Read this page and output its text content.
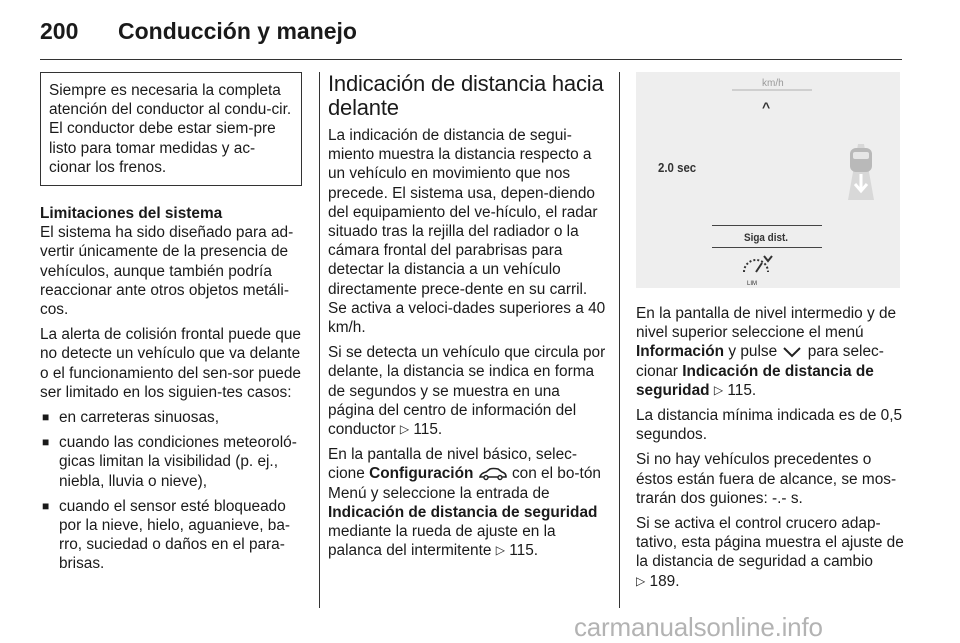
200 Conducción y manejo
Siempre es necesaria la completa atención del conductor al condu-cir. El conductor debe estar siem-pre listo para tomar medidas y ac-cionar los frenos.

Limitaciones del sistema

El sistema ha sido diseñado para ad-vertir únicamente de la presencia de vehículos, aunque también podría reaccionar ante otros objetos metáli-cos.

La alerta de colisión frontal puede que no detecte un vehículo que va delante o el funcionamiento del sen-sor puede ser limitado en los siguien-tes casos:

■ en carreteras sinuosas,
■ cuando las condiciones meteoroló-gicas limitan la visibilidad (p. ej., niebla, lluvia o nieve),
■ cuando el sensor esté bloqueado por la nieve, hielo, aguanieve, ba-rro, suciedad o daños en el para-brisas.
Indicación de distancia hacia delante

La indicación de distancia de segui-miento muestra la distancia respecto a un vehículo en movimiento que nos precede. El sistema usa, depen-diendo del equipamiento del ve-hículo, el radar situado tras la rejilla del radiador o la cámara frontal del parabrisas para detectar la distancia a un vehículo directamente prece-dente en su carril. Se activa a veloci-dades superiores a 40 km/h.

Si se detecta un vehículo que circula por delante, la distancia se indica en forma de segundos y se muestra en una página del centro de información del conductor ▷ 115.

En la pantalla de nivel básico, selec-cione Configuración	con el bo-tón Menú y seleccione la entrada de Indicación de distancia de seguridad mediante la rueda de ajuste en la palanca del intermitente ▷ 115.

km/h
^
2.0 sec
Siga dist.
LIM

En la pantalla de nivel intermedio y de nivel superior seleccione el menú Información y pulse para selec-cionar Indicación de distancia de seguridad ▷ 115.

La distancia mínima indicada es de 0,5 segundos.

Si no hay vehículos precedentes o éstos están fuera de alcance, se mos-trarán dos guiones: -.- s.

Si se activa el control crucero adap-tativo, esta página muestra el ajuste de la distancia de seguridad a cambio ▷ 189.

carmanualsonline.info
